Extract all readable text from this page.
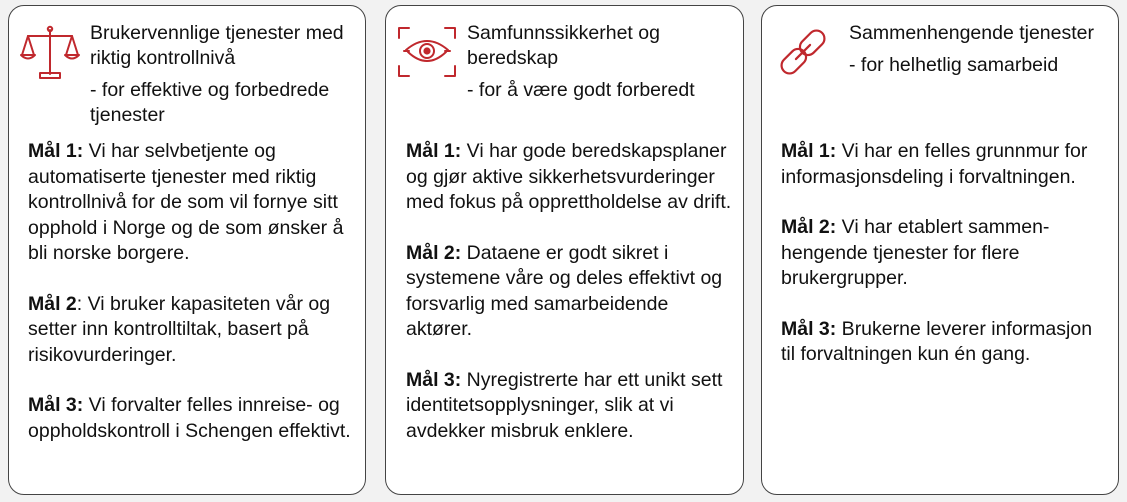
Brukervennlige tjenester med riktig kontrollnivå

- for effektive og forbedrede tjenester

Mål 1: Vi har selvbetjente og automatiserte tjenester med riktig kontrollnivå for de som vil fornye sitt opphold i Norge og de som ønsker å bli norske borgere.

Mål 2: Vi bruker kapasiteten vår og setter inn kontrolltiltak, basert på risikovurderinger.

Mål 3: Vi forvalter felles innreise- og oppholdskontroll i Schengen effektivt.

Samfunnssikkerhet og beredskap

- for å være godt forberedt

Mål 1: Vi har gode beredskapsplaner og gjør aktive sikkerhetsvurderinger med fokus på opprettholdelse av drift.

Mål 2: Dataene er godt sikret i systemene våre og deles effektivt og forsvarlig med samarbeidende aktører.

Mål 3: Nyregistrerte har ett unikt sett identitetsopplysninger, slik at vi avdekker misbruk enklere.

Sammenhengende tjenester

- for helhetlig samarbeid

Mål 1: Vi har en felles grunnmur for informasjonsdeling i forvaltningen.

Mål 2: Vi har etablert sammen-hengende tjenester for flere brukergrupper.

Mål 3: Brukerne leverer informasjon til forvaltningen kun én gang.
